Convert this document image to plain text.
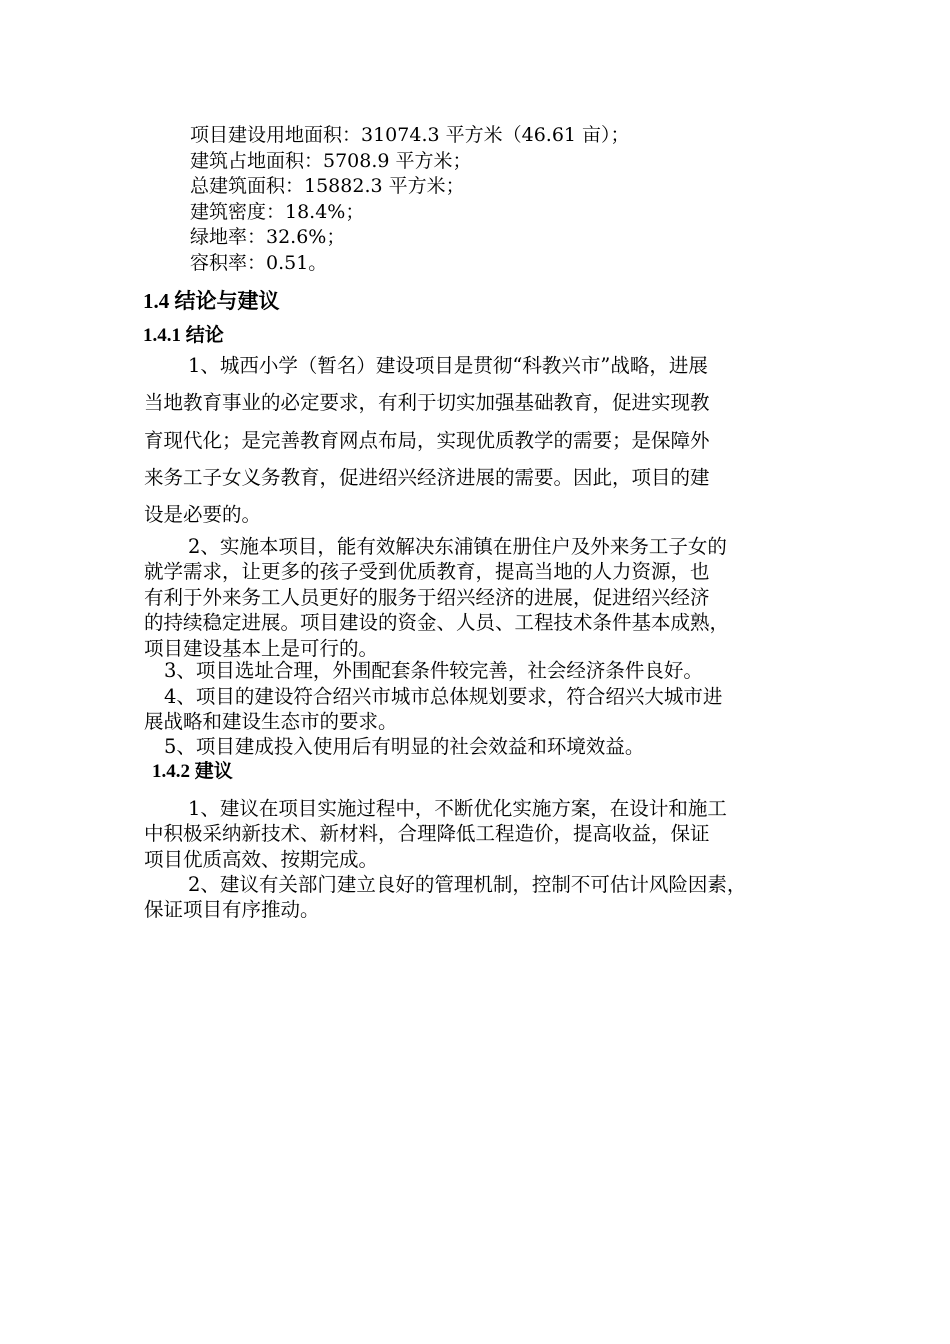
项目建设用地面积：31074.3 平方米（46.61 亩）；
建筑占地面积：5708.9 平方米；
总建筑面积：15882.3 平方米；
建筑密度：18.4%；
绿地率：32.6%；
容积率：0.51。
1.4 结论与建议
1.4.1 结论
1、城西小学（暂名）建设项目是贯彻“科教兴市”战略，进展
当地教育事业的必定要求，有利于切实加强基础教育，促进实现教
育现代化；是完善教育网点布局，实现优质教学的需要；是保障外
来务工子女义务教育，促进绍兴经济进展的需要。因此，项目的建
设是必要的。
2、实施本项目，能有效解决东浦镇在册住户及外来务工子女的
就学需求，让更多的孩子受到优质教育，提高当地的人力资源，也
有利于外来务工人员更好的服务于绍兴经济的进展，促进绍兴经济
的持续稳定进展。项目建设的资金、人员、工程技术条件基本成熟，
项目建设基本上是可行的。
3、项目选址合理，外围配套条件较完善，社会经济条件良好。
4、项目的建设符合绍兴市城市总体规划要求，符合绍兴大城市进
展战略和建设生态市的要求。
5、项目建成投入使用后有明显的社会效益和环境效益。
1.4.2 建议
1、建议在项目实施过程中，不断优化实施方案，在设计和施工
中积极采纳新技术、新材料，合理降低工程造价，提高收益，保证
项目优质高效、按期完成。
2、建议有关部门建立良好的管理机制，控制不可估计风险因素，
保证项目有序推动。
